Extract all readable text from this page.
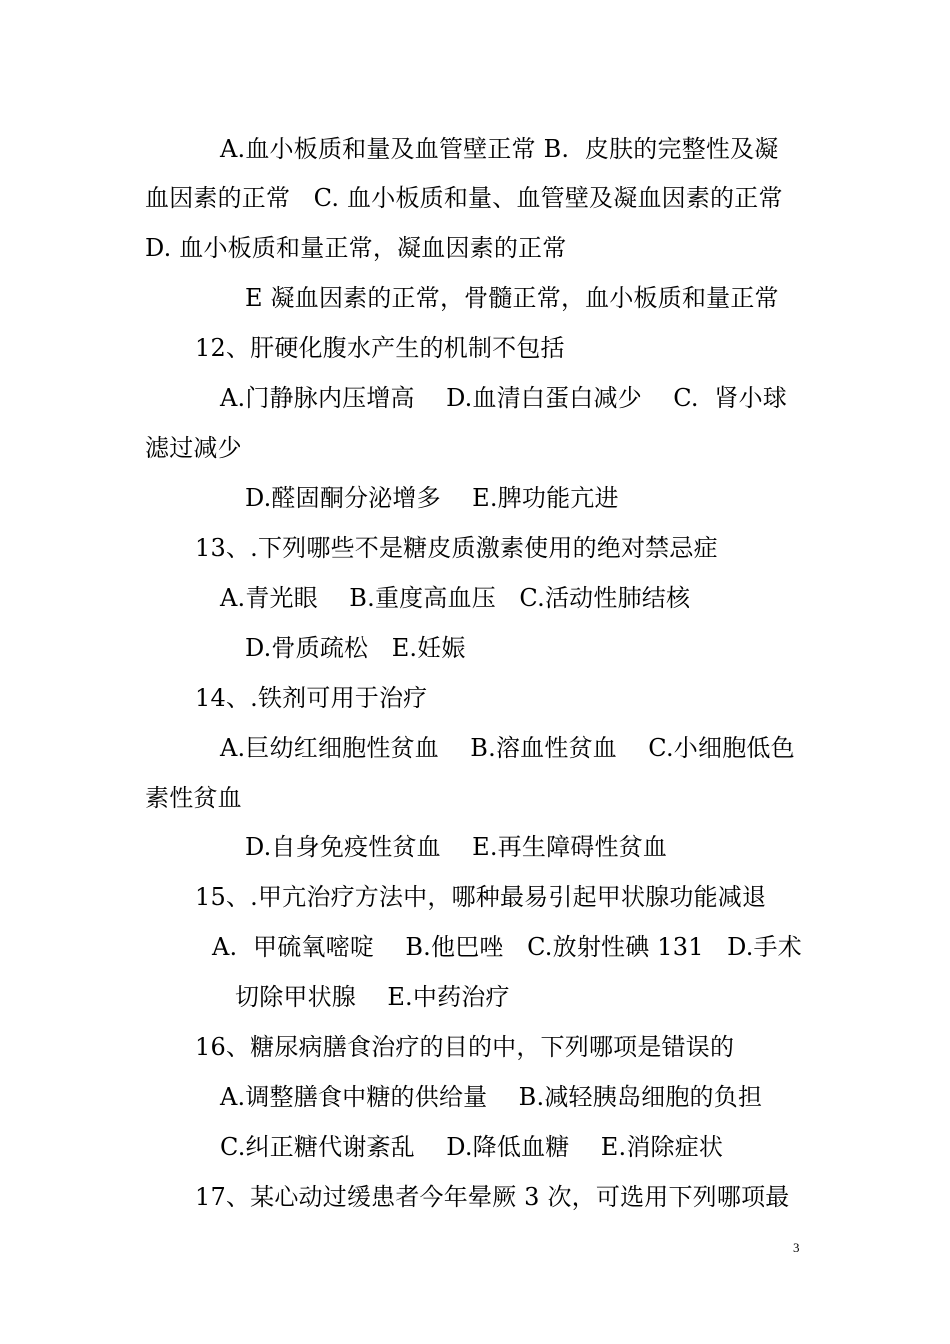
A.血小板质和量及血管壁正常 B.  皮肤的完整性及凝
血因素的正常   C. 血小板质和量、血管壁及凝血因素的正常
D. 血小板质和量正常，凝血因素的正常
E 凝血因素的正常，骨髓正常，血小板质和量正常
12、肝硬化腹水产生的机制不包括
A.门静脉内压增高    D.血清白蛋白减少    C.  肾小球
滤过减少
D.醛固酮分泌增多    E.脾功能亢进
13、.下列哪些不是糖皮质激素使用的绝对禁忌症
A.青光眼    B.重度高血压   C.活动性肺结核
D.骨质疏松   E.妊娠
14、.铁剂可用于治疗
A.巨幼红细胞性贫血    B.溶血性贫血    C.小细胞低色
素性贫血
D.自身免疫性贫血    E.再生障碍性贫血
15、.甲亢治疗方法中，哪种最易引起甲状腺功能减退
A.  甲硫氧嘧啶    B.他巴唑   C.放射性碘 131   D.手术
切除甲状腺    E.中药治疗
16、糖尿病膳食治疗的目的中，下列哪项是错误的
A.调整膳食中糖的供给量    B.减轻胰岛细胞的负担
C.纠正糖代谢紊乱    D.降低血糖    E.消除症状
17、某心动过缓患者今年晕厥 3 次，可选用下列哪项最
3
